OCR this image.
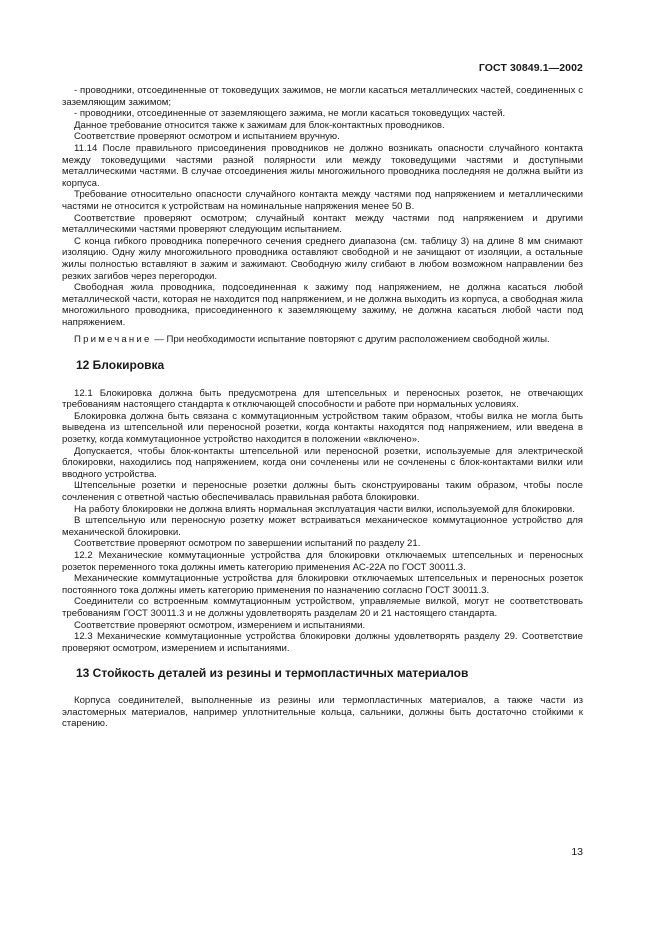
ГОСТ 30849.1—2002

- проводники, отсоединенные от токоведущих зажимов, не могли касаться металлических частей, соединенных с заземляющим зажимом;

- проводники, отсоединенные от заземляющего зажима, не могли касаться токоведущих частей.

Данное требование относится также к зажимам для блок-контактных проводников.

Соответствие проверяют осмотром и испытанием вручную.

11.14 После правильного присоединения проводников не должно возникать опасности случайного контакта между токоведущими частями разной полярности или между токоведущими частями и доступными металлическими частями. В случае отсоединения жилы многожильного проводника последняя не должна выйти из корпуса.

Требование относительно опасности случайного контакта между частями под напряжением и металлическими частями не относится к устройствам на номинальные напряжения менее 50 В.

Соответствие проверяют осмотром; случайный контакт между частями под напряжением и другими металлическими частями проверяют следующим испытанием.

С конца гибкого проводника поперечного сечения среднего диапазона (см. таблицу 3) на длине 8 мм снимают изоляцию. Одну жилу многожильного проводника оставляют свободной и не зачищают от изоляции, а остальные жилы полностью вставляют в зажим и зажимают. Свободную жилу сгибают в любом возможном направлении без резких загибов через перегородки.

Свободная жила проводника, подсоединенная к зажиму под напряжением, не должна касаться любой металлической части, которая не находится под напряжением, и не должна выходить из корпуса, а свободная жила многожильного проводника, присоединенного к заземляющему зажиму, не должна касаться любой части под напряжением.

Примечание — При необходимости испытание повторяют с другим расположением свободной жилы.

12 Блокировка

12.1 Блокировка должна быть предусмотрена для штепсельных и переносных розеток, не отвечающих требованиям настоящего стандарта к отключающей способности и работе при нормальных условиях.

Блокировка должна быть связана с коммутационным устройством таким образом, чтобы вилка не могла быть выведена из штепсельной или переносной розетки, когда контакты находятся под напряжением, или введена в розетку, когда коммутационное устройство находится в положении «включено».

Допускается, чтобы блок-контакты штепсельной или переносной розетки, используемые для электрической блокировки, находились под напряжением, когда они сочленены или не сочленены с блок-контактами вилки или вводного устройства.

Штепсельные розетки и переносные розетки должны быть сконструированы таким образом, чтобы после сочленения с ответной частью обеспечивалась правильная работа блокировки.

На работу блокировки не должна влиять нормальная эксплуатация части вилки, используемой для блокировки.

В штепсельную или переносную розетку может встраиваться механическое коммутационное устройство для механической блокировки.

Соответствие проверяют осмотром по завершении испытаний по разделу 21.

12.2 Механические коммутационные устройства для блокировки отключаемых штепсельных и переносных розеток переменного тока должны иметь категорию применения АС-22А по ГОСТ 30011.3.

Механические коммутационные устройства для блокировки отключаемых штепсельных и переносных розеток постоянного тока должны иметь категорию применения по назначению согласно ГОСТ 30011.3.

Соединители со встроенным коммутационным устройством, управляемые вилкой, могут не соответствовать требованиям ГОСТ 30011.3 и не должны удовлетворять разделам 20 и 21 настоящего стандарта.

Соответствие проверяют осмотром, измерением и испытаниями.

12.3 Механические коммутационные устройства блокировки должны удовлетворять разделу 29. Соответствие проверяют осмотром, измерением и испытаниями.

13 Стойкость деталей из резины и термопластичных материалов

Корпуса соединителей, выполненные из резины или термопластичных материалов, а также части из эластомерных материалов, например уплотнительные кольца, сальники, должны быть достаточно стойкими к старению.

13
